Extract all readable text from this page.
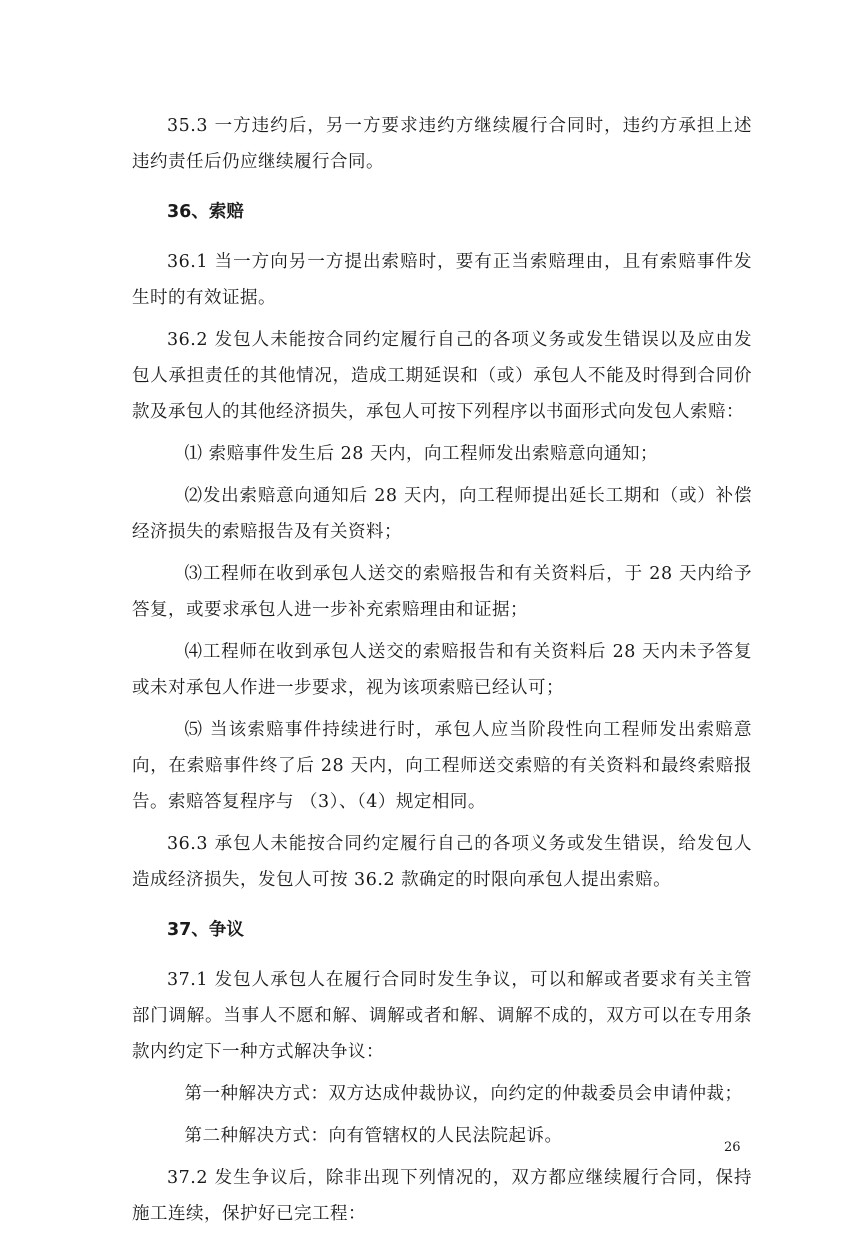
35.3 一方违约后，另一方要求违约方继续履行合同时，违约方承担上述违约责任后仍应继续履行合同。

36、索赔

36.1 当一方向另一方提出索赔时，要有正当索赔理由，且有索赔事件发生时的有效证据。

36.2 发包人未能按合同约定履行自己的各项义务或发生错误以及应由发包人承担责任的其他情况，造成工期延误和（或）承包人不能及时得到合同价款及承包人的其他经济损失，承包人可按下列程序以书面形式向发包人索赔：

⑴ 索赔事件发生后 28 天内，向工程师发出索赔意向通知；

⑵发出索赔意向通知后 28 天内，向工程师提出延长工期和（或）补偿经济损失的索赔报告及有关资料；

⑶工程师在收到承包人送交的索赔报告和有关资料后，于 28 天内给予答复，或要求承包人进一步补充索赔理由和证据；

⑷工程师在收到承包人送交的索赔报告和有关资料后 28 天内未予答复或未对承包人作进一步要求，视为该项索赔已经认可；

⑸ 当该索赔事件持续进行时，承包人应当阶段性向工程师发出索赔意向，在索赔事件终了后 28 天内，向工程师送交索赔的有关资料和最终索赔报告。索赔答复程序与 （3）、（4）规定相同。

36.3 承包人未能按合同约定履行自己的各项义务或发生错误，给发包人造成经济损失，发包人可按 36.2 款确定的时限向承包人提出索赔。

37、争议

37.1 发包人承包人在履行合同时发生争议，可以和解或者要求有关主管部门调解。当事人不愿和解、调解或者和解、调解不成的，双方可以在专用条款内约定下一种方式解决争议：

第一种解决方式：双方达成仲裁协议，向约定的仲裁委员会申请仲裁；

第二种解决方式：向有管辖权的人民法院起诉。

37.2 发生争议后，除非出现下列情况的，双方都应继续履行合同，保持施工连续，保护好已完工程：

26
